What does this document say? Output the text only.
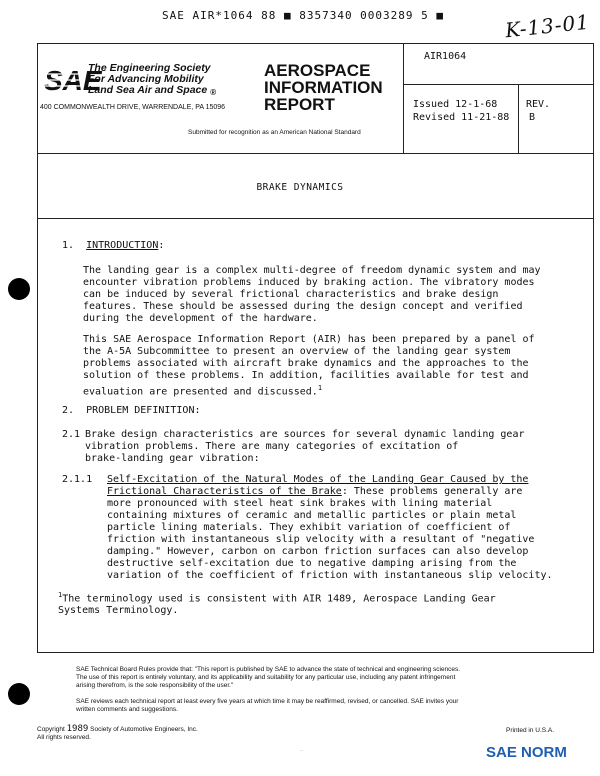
SAE AIR*1064 88 ■ 8357340 0003289 5 ■	K-13-01
SAE
The Engineering Society
For Advancing Mobility
Land Sea Air and Space ®
400 COMMONWEALTH DRIVE, WARRENDALE, PA 15096
AEROSPACE
INFORMATION
REPORT
Submitted for recognition as an American National Standard
AIR1064
Issued 12-1-68
Revised 11-21-88
REV.
B
BRAKE DYNAMICS
1. INTRODUCTION:
The landing gear is a complex multi-degree of freedom dynamic system and may
encounter vibration problems induced by braking action. The vibratory modes
can be induced by several frictional characteristics and brake design
features. These should be assessed during the design concept and verified
during the development of the hardware.
This SAE Aerospace Information Report (AIR) has been prepared by a panel of
the A-5A Subcommittee to present an overview of the landing gear system
problems associated with aircraft brake dynamics and the approaches to the
solution of these problems. In addition, facilities available for test and
evaluation are presented and discussed.$^1$
2. PROBLEM DEFINITION:
2.1 Brake design characteristics are sources for several dynamic landing gear
vibration problems. There are many categories of excitation of
brake-landing gear vibration:
2.1.1 Self-Excitation of the Natural Modes of the Landing Gear Caused by the
Frictional Characteristics of the Brake: These problems generally are
more pronounced with steel heat sink brakes with lining material
containing mixtures of ceramic and metallic particles or plain metal
particle lining materials. They exhibit variation of coefficient of
friction with instantaneous slip velocity with a resultant of "negative
damping." However, carbon on carbon friction surfaces can also develop
destructive self-excitation due to negative damping arising from the
variation of the coefficient of friction with instantaneous slip velocity.
$^1$The terminology used is consistent with AIR 1489, Aerospace Landing Gear
Systems Terminology.
SAE Technical Board Rules provide that: "This report is published by SAE to advance the state of technical and engineering sciences.
The use of this report is entirely voluntary, and its applicability and suitability for any particular use, including any patent infringement
arising therefrom, is the sole responsibility of the user."
SAE reviews each technical report at least every five years at which time it may be reaffirmed, revised, or cancelled. SAE invites your
written comments and suggestions.
Copyright 1989 Society of Automotive Engineers, Inc.
All rights reserved.
Printed in U.S.A.
...	SAE NORM
